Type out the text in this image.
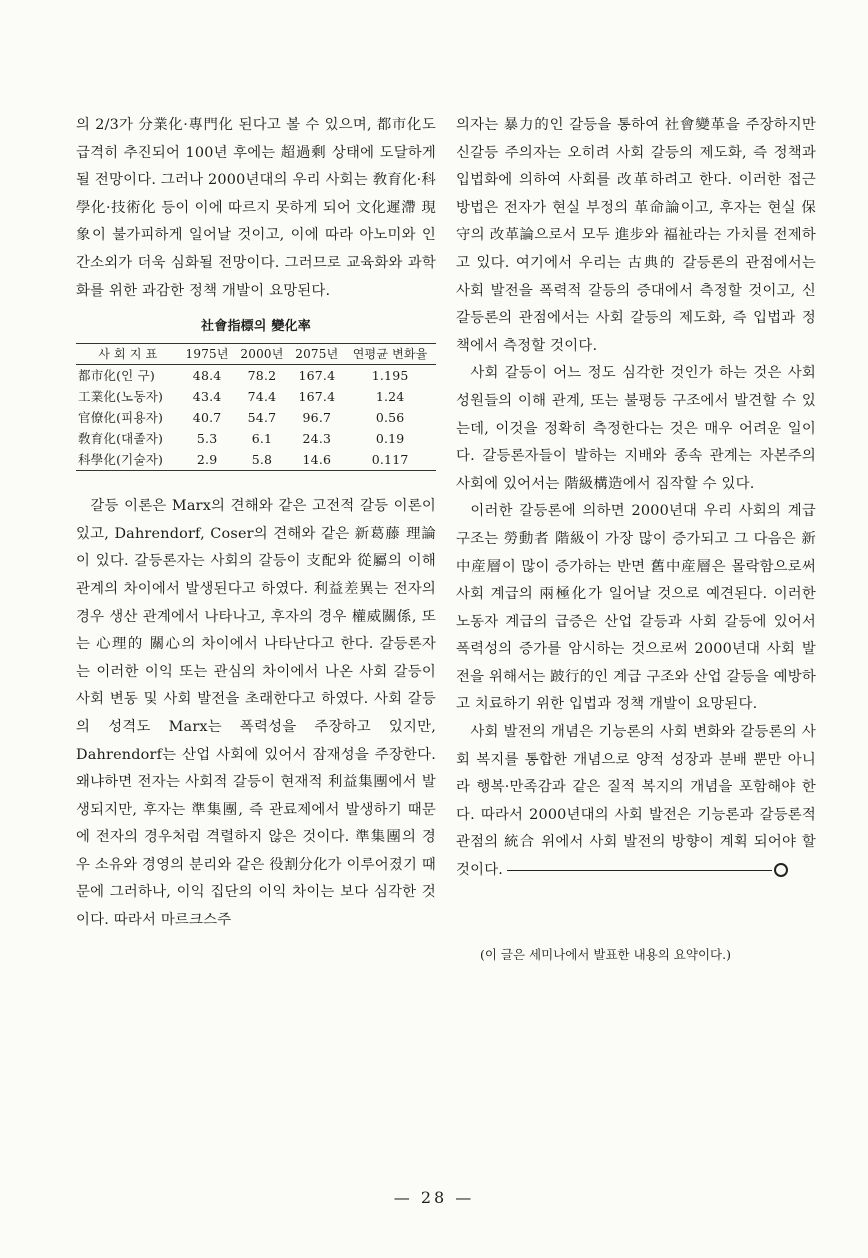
의 2/3가 分業化·專門化 된다고 볼 수 있으며, 都市化도 급격히 추진되어 100년 후에는 超過剩 상태에 도달하게 될 전망이다. 그러나 2000년대의 우리 사회는 敎育化·科學化·技術化 등이 이에 따르지 못하게 되어 文化遲滯 現象이 불가피하게 일어날 것이고, 이에 따라 아노미와 인간소외가 더욱 심화될 전망이다. 그러므로 교육화와 과학화를 위한 과감한 정책 개발이 요망된다.

社會指標의 變化率
사 회 지 표	1975년	2000년	2075년	연평균 변화율
都市化(인 구)	48.4	78.2	167.4	1.195
工業化(노동자)	43.4	74.4	167.4	1.24
官僚化(피용자)	40.7	54.7	96.7	0.56
敎育化(대졸자)	5.3	6.1	24.3	0.19
科學化(기술자)	2.9	5.8	14.6	0.117

갈등 이론은 Marx의 견해와 같은 고전적 갈등 이론이 있고, Dahrendorf, Coser의 견해와 같은 新葛藤 理論이 있다. 갈등론자는 사회의 갈등이 支配와 從屬의 이해 관계의 차이에서 발생된다고 하였다. 利益差異는 전자의 경우 생산 관계에서 나타나고, 후자의 경우 權威關係, 또는 心理的 關心의 차이에서 나타난다고 한다. 갈등론자는 이러한 이익 또는 관심의 차이에서 나온 사회 갈등이 사회 변동 및 사회 발전을 초래한다고 하였다. 사회 갈등의 성격도 Marx는 폭력성을 주장하고 있지만, Dahrendorf는 산업 사회에 있어서 잠재성을 주장한다. 왜냐하면 전자는 사회적 갈등이 현재적 利益集團에서 발생되지만, 후자는 準集團, 즉 관료제에서 발생하기 때문에 전자의 경우처럼 격렬하지 않은 것이다. 準集團의 경우 소유와 경영의 분리와 같은 役割分化가 이루어졌기 때문에 그러하나, 이익 집단의 이익 차이는 보다 심각한 것이다. 따라서 마르크스주

의자는 暴力的인 갈등을 통하여 社會變革을 주장하지만 신갈등 주의자는 오히려 사회 갈등의 제도화, 즉 정책과 입법화에 의하여 사회를 改革하려고 한다. 이러한 접근 방법은 전자가 현실 부정의 革命論이고, 후자는 현실 保守의 改革論으로서 모두 進步와 福祉라는 가치를 전제하고 있다. 여기에서 우리는 古典的 갈등론의 관점에서는 사회 발전을 폭력적 갈등의 증대에서 측정할 것이고, 신갈등론의 관점에서는 사회 갈등의 제도화, 즉 입법과 정책에서 측정할 것이다.

사회 갈등이 어느 정도 심각한 것인가 하는 것은 사회 성원들의 이해 관계, 또는 불평등 구조에서 발견할 수 있는데, 이것을 정확히 측정한다는 것은 매우 어려운 일이다. 갈등론자들이 발하는 지배와 종속 관계는 자본주의 사회에 있어서는 階級構造에서 짐작할 수 있다.

이러한 갈등론에 의하면 2000년대 우리 사회의 계급 구조는 勞動者 階級이 가장 많이 증가되고 그 다음은 新中産層이 많이 증가하는 반면 舊中産層은 몰락함으로써 사회 계급의 兩極化가 일어날 것으로 예견된다. 이러한 노동자 계급의 급증은 산업 갈등과 사회 갈등에 있어서 폭력성의 증가를 암시하는 것으로써 2000년대 사회 발전을 위해서는 跛行的인 계급 구조와 산업 갈등을 예방하고 치료하기 위한 입법과 정책 개발이 요망된다.

사회 발전의 개념은 기능론의 사회 변화와 갈등론의 사회 복지를 통합한 개념으로 양적 성장과 분배 뿐만 아니라 행복·만족감과 같은 질적 복지의 개념을 포함해야 한다. 따라서 2000년대의 사회 발전은 기능론과 갈등론적 관점의 統合 위에서 사회 발전의 방향이 계획 되어야 할 것이다.

(이 글은 세미나에서 발표한 내용의 요약이다.)
— 28 —
